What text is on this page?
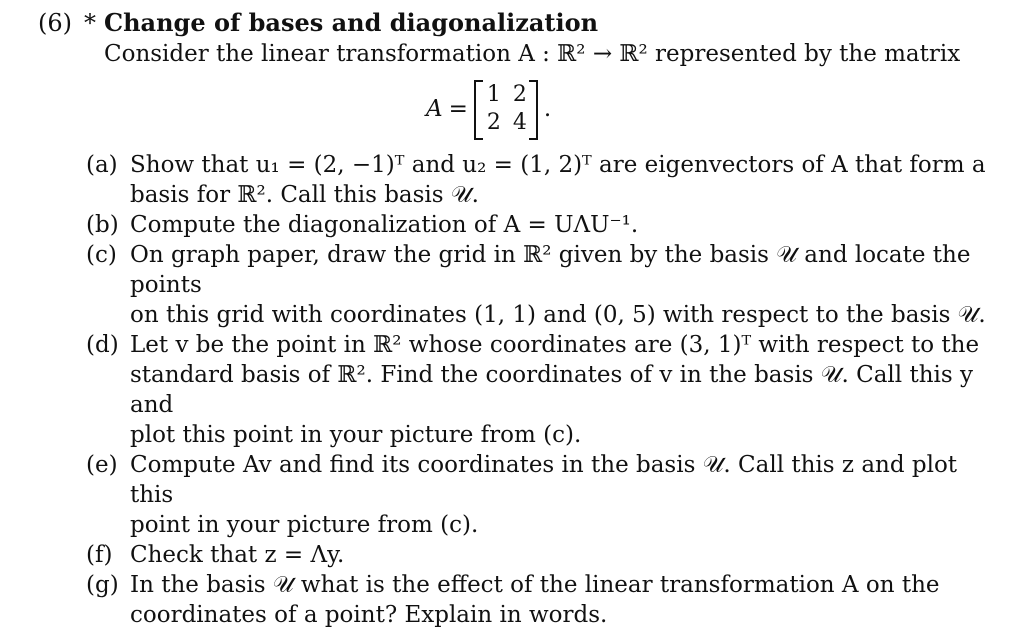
(6) * Change of bases and diagonalization
Consider the linear transformation A : ℝ² → ℝ² represented by the matrix
A =
1 2
2 4
.
(a) Show that u₁ = (2, −1)ᵀ and u₂ = (1, 2)ᵀ are eigenvectors of A that form a
basis for ℝ². Call this basis 𝒰.
(b) Compute the diagonalization of A = UΛU⁻¹.
(c) On graph paper, draw the grid in ℝ² given by the basis 𝒰 and locate the points
on this grid with coordinates (1, 1) and (0, 5) with respect to the basis 𝒰.
(d) Let v be the point in ℝ² whose coordinates are (3, 1)ᵀ with respect to the
standard basis of ℝ². Find the coordinates of v in the basis 𝒰. Call this y and
plot this point in your picture from (c).
(e) Compute Av and find its coordinates in the basis 𝒰. Call this z and plot this
point in your picture from (c).
(f) Check that z = Λy.
(g) In the basis 𝒰 what is the effect of the linear transformation A on the
coordinates of a point? Explain in words.
